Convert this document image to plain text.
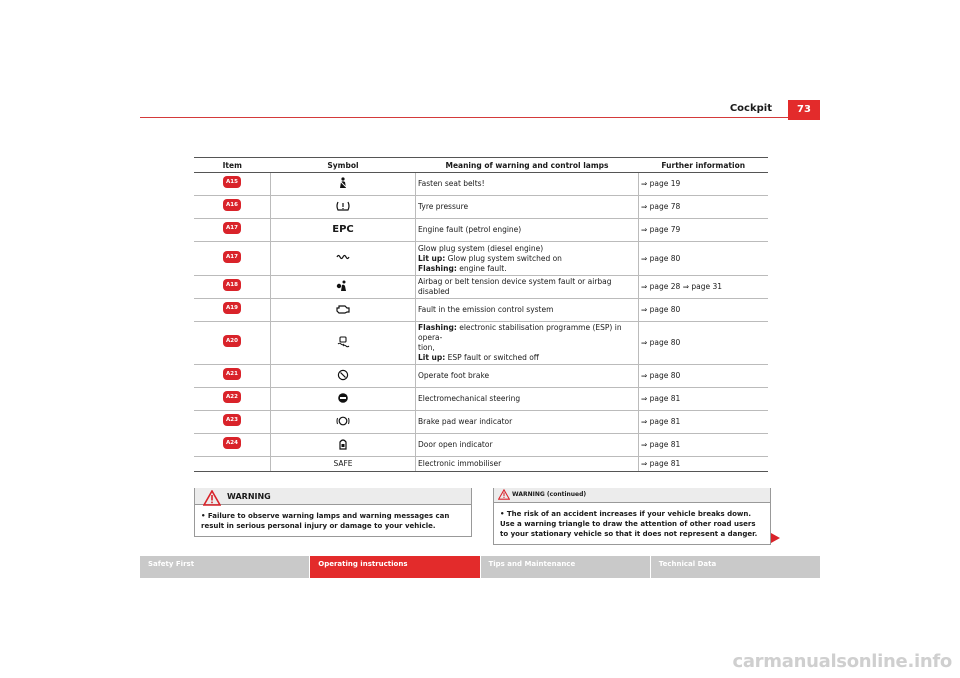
Cockpit	73
Item	Symbol	Meaning of warning and control lamps	Further information
A15		Fasten seat belts!	⇒ page 19
A16		Tyre pressure	⇒ page 78
A17	EPC	Engine fault (petrol engine)	⇒ page 79
A17		Glow plug system (diesel engine)
Lit up: Glow plug system switched on
Flashing: engine fault.	⇒ page 80
A18		Airbag or belt tension device system fault or airbag disabled	⇒ page 28 ⇒ page 31
A19		Fault in the emission control system	⇒ page 80
A20		Flashing: electronic stabilisation programme (ESP) in opera-
tion,
Lit up: ESP fault or switched off	⇒ page 80
A21		Operate foot brake	⇒ page 80
A22		Electromechanical steering	⇒ page 81
A23		Brake pad wear indicator	⇒ page 81
A24		Door open indicator	⇒ page 81
	SAFE	Electronic immobiliser	⇒ page 81
WARNING
• Failure to observe warning lamps and warning messages can result in serious personal injury or damage to your vehicle.
WARNING (continued)
• The risk of an accident increases if your vehicle breaks down. Use a warning triangle to draw the attention of other road users to your stationary vehicle so that it does not represent a danger.
Safety First	Operating instructions	Tips and Maintenance	Technical Data
carmanualsonline.info
